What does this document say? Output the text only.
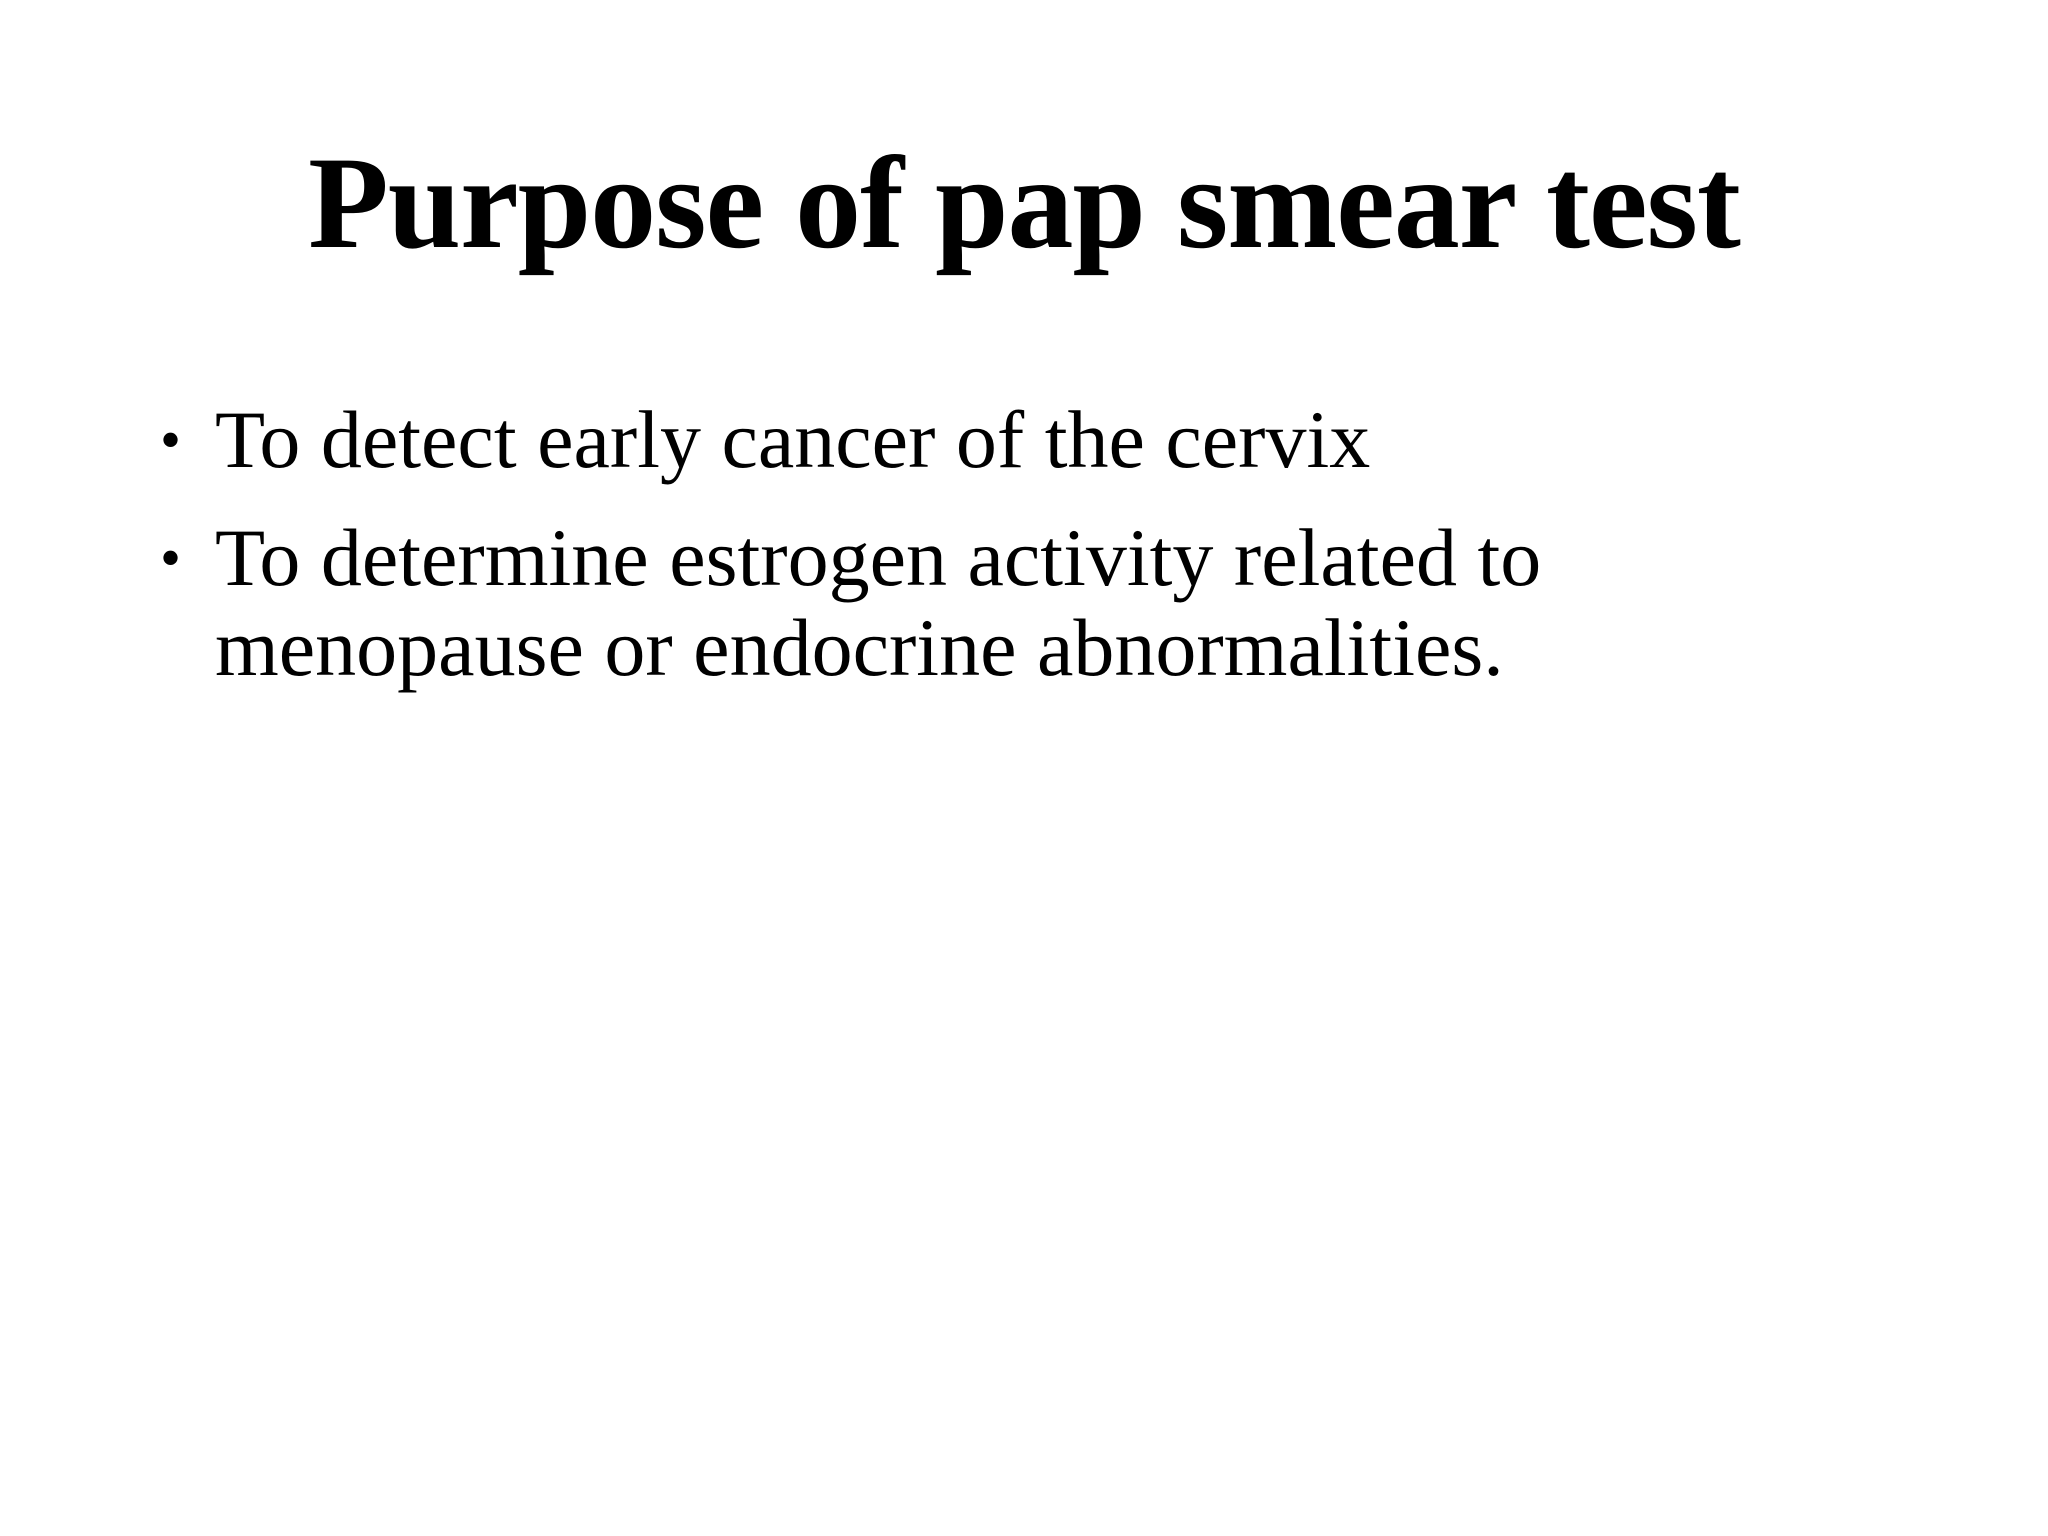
Purpose of pap smear test
• To detect early cancer of the cervix
• To determine estrogen activity related to menopause or endocrine abnormalities.
